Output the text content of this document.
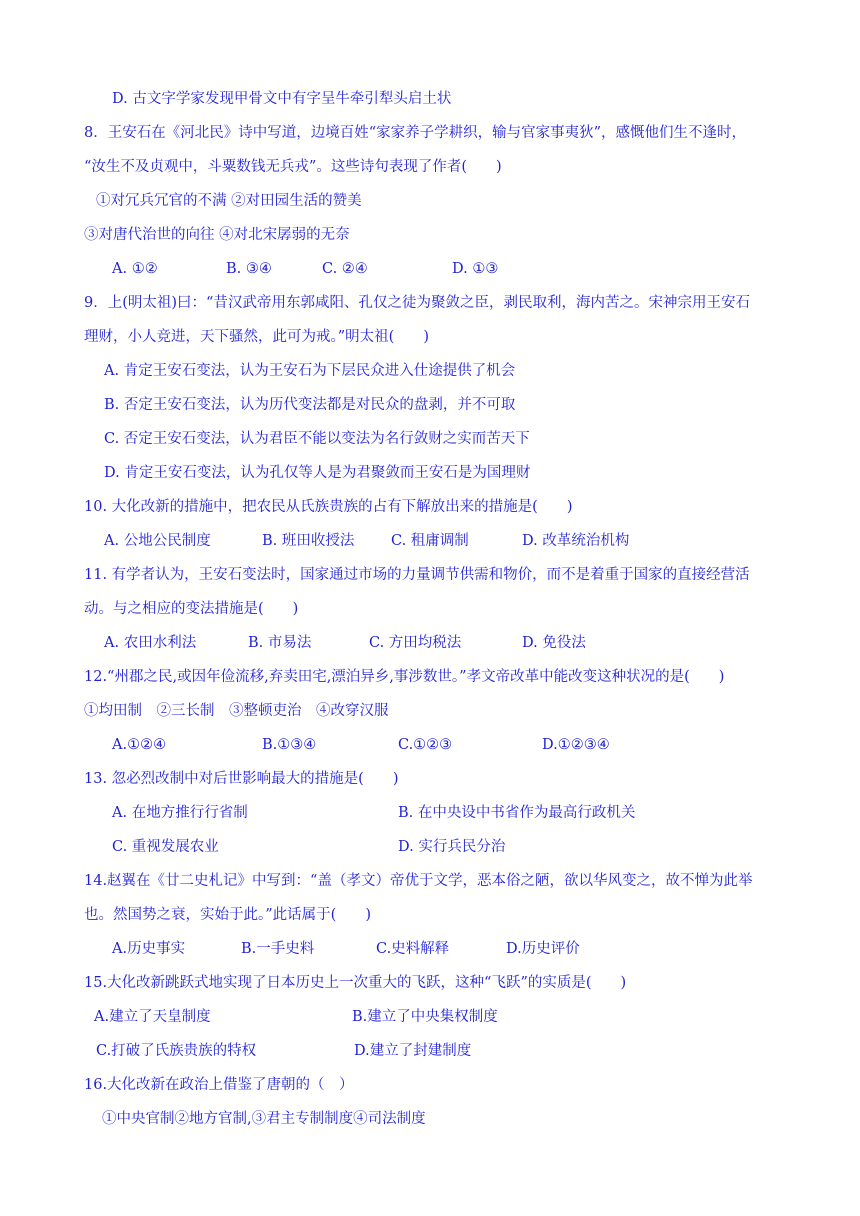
D. 古文字学家发现甲骨文中有字呈牛牵引犁头启土状
8．王安石在《河北民》诗中写道，边境百姓“家家养子学耕织，输与官家事夷狄”，感慨他们生不逢时，
“汝生不及贞观中，斗粟数钱无兵戎”。这些诗句表现了作者(　　)
①对冗兵冗官的不满 ②对田园生活的赞美
③对唐代治世的向往 ④对北宋孱弱的无奈
A. ①②	B. ③④	C. ②④	D. ①③
9．上(明太祖)曰：“昔汉武帝用东郭咸阳、孔仅之徒为聚敛之臣，剥民取利，海内苦之。宋神宗用王安石
理财，小人竞进，天下骚然，此可为戒。”明太祖(　　)
A. 肯定王安石变法，认为王安石为下层民众进入仕途提供了机会
B. 否定王安石变法，认为历代变法都是对民众的盘剥，并不可取
C. 否定王安石变法，认为君臣不能以变法为名行敛财之实而苦天下
D. 肯定王安石变法，认为孔仅等人是为君聚敛而王安石是为国理财
10. 大化改新的措施中，把农民从氏族贵族的占有下解放出来的措施是(　　)
A. 公地公民制度	B. 班田收授法	C. 租庸调制	D. 改革统治机构
11. 有学者认为，王安石变法时，国家通过市场的力量调节供需和物价，而不是着重于国家的直接经营活
动。与之相应的变法措施是(　　)
A. 农田水利法	B. 市易法	C. 方田均税法	D. 免役法
12.“州郡之民,或因年俭流移,弃卖田宅,漂泊异乡,事涉数世。”孝文帝改革中能改变这种状况的是(　　)
①均田制　②三长制　③整顿吏治　④改穿汉服
A.①②④	B.①③④	C.①②③	D.①②③④
13. 忽必烈改制中对后世影响最大的措施是(　　)
A. 在地方推行行省制	B. 在中央设中书省作为最高行政机关
C. 重视发展农业	D. 实行兵民分治
14.赵翼在《廿二史札记》中写到：“盖（孝文）帝优于文学，恶本俗之陋，欲以华风变之，故不惮为此举
也。然国势之衰，实始于此。”此话属于(　　)
A.历史事实	B.一手史料	C.史料解释	D.历史评价
15.大化改新跳跃式地实现了日本历史上一次重大的飞跃，这种“飞跃”的实质是(　　)
A.建立了天皇制度	B.建立了中央集权制度
C.打破了氏族贵族的特权	D.建立了封建制度
16.大化改新在政治上借鉴了唐朝的（　）
①中央官制②地方官制,③君主专制制度④司法制度
